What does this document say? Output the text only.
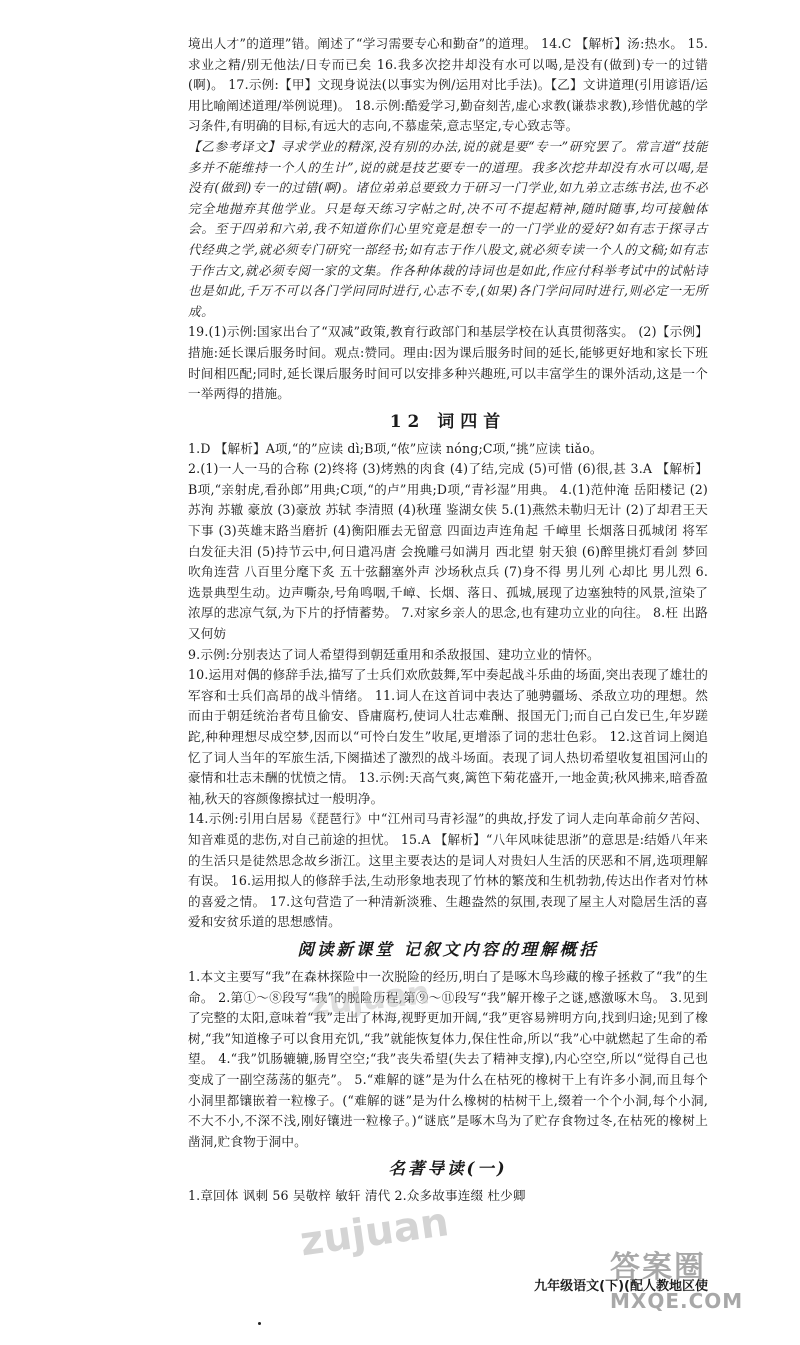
境出人才”的道理”错。阐述了“学习需要专心和勤奋”的道理。 14.C 【解析】汤:热水。 15.求业之精/别无他法/日专而已矣 16.我多次挖井却没有水可以喝,是没有(做到)专一的过错(啊)。 17.示例:【甲】文现身说法(以事实为例/运用对比手法)。【乙】文讲道理(引用谚语/运用比喻阐述道理/举例说理)。 18.示例:酷爱学习,勤奋刻苦,虚心求教(谦恭求教),珍惜优越的学习条件,有明确的目标,有远大的志向,不慕虚荣,意志坚定,专心致志等。

【乙参考译文】寻求学业的精深,没有别的办法,说的就是要“专一”研究罢了。常言道“技能多并不能维持一个人的生计”,说的就是技艺要专一的道理。我多次挖井却没有水可以喝,是没有(做到)专一的过错(啊)。诸位弟弟总要致力于研习一门学业,如九弟立志练书法,也不必完全地抛弃其他学业。只是每天练习字帖之时,决不可不提起精神,随时随事,均可接触体会。至于四弟和六弟,我不知道你们心里究竟是想专一的一门学业的爱好?如有志于探寻古代经典之学,就必须专门研究一部经书;如有志于作八股文,就必须专读一个人的文稿;如有志于作古文,就必须专阅一家的文集。作各种体裁的诗词也是如此,作应付科举考试中的试帖诗也是如此,千万不可以各门学问同时进行,心志不专,(如果)各门学问同时进行,则必定一无所成。

19.(1)示例:国家出台了“双减”政策,教育行政部门和基层学校在认真贯彻落实。 (2)【示例】措施:延长课后服务时间。观点:赞同。理由:因为课后服务时间的延长,能够更好地和家长下班时间相匹配;同时,延长课后服务时间可以安排多种兴趣班,可以丰富学生的课外活动,这是一个一举两得的措施。

12 词四首

1.D 【解析】A项,“的”应读 dì;B项,“侬”应读 nóng;C项,“挑”应读 tiǎo。

2.(1)一人一马的合称 (2)终将 (3)烤熟的肉食 (4)了结,完成 (5)可惜 (6)很,甚 3.A 【解析】B项,“亲射虎,看孙郎”用典;C项,“的卢”用典;D项,“青衫湿”用典。 4.(1)范仲淹 岳阳楼记 (2)苏洵 苏辙 豪放 (3)豪放 苏轼 李清照 (4)秋瑾 鉴湖女侠 5.(1)燕然未勒归无计 (2)了却君王天下事 (3)英雄末路当磨折 (4)衡阳雁去无留意 四面边声连角起 千嶂里 长烟落日孤城闭 将军白发征夫泪 (5)持节云中,何日遣冯唐 会挽雕弓如满月 西北望 射天狼 (6)醉里挑灯看剑 梦回吹角连营 八百里分麾下炙 五十弦翻塞外声 沙场秋点兵 (7)身不得 男儿列 心却比 男儿烈 6.选景典型生动。边声嘶杂,号角鸣咽,千嶂、长烟、落日、孤城,展现了边塞独特的风景,渲染了浓厚的悲凉气氛,为下片的抒情蓄势。 7.对家乡亲人的思念,也有建功立业的向往。 8.枉 出路 又何妨

9.示例:分别表达了词人希望得到朝廷重用和杀敌报国、建功立业的情怀。

10.运用对偶的修辞手法,描写了士兵们欢欣鼓舞,军中奏起战斗乐曲的场面,突出表现了雄壮的军容和士兵们高昂的战斗情绪。 11.词人在这首词中表达了驰骋疆场、杀敌立功的理想。然而由于朝廷统治者苟且偷安、昏庸腐朽,使词人壮志难酬、报国无门;而自己白发已生,年岁蹉跎,种种理想尽成空梦,因而以“可怜白发生”收尾,更增添了词的悲壮色彩。 12.这首词上阕追忆了词人当年的军旅生活,下阕描述了激烈的战斗场面。表现了词人热切希望收复祖国河山的豪情和壮志未酬的忧愤之情。 13.示例:天高气爽,篱笆下菊花盛开,一地金黄;秋风拂来,暗香盈袖,秋天的容颜像擦拭过一般明净。

14.示例:引用白居易《琵琶行》中“江州司马青衫湿”的典故,抒发了词人走向革命前夕苦闷、知音难觅的悲伤,对自己前途的担忧。 15.A 【解析】“八年风味徒思浙”的意思是:结婚八年来的生活只是徒然思念故乡浙江。这里主要表达的是词人对贵妇人生活的厌恶和不屑,选项理解有误。 16.运用拟人的修辞手法,生动形象地表现了竹林的繁茂和生机勃勃,传达出作者对竹林的喜爱之情。 17.这句营造了一种清新淡雅、生趣盎然的氛围,表现了屋主人对隐居生活的喜爱和安贫乐道的思想感情。

阅读新课堂 记叙文内容的理解概括

1.本文主要写“我”在森林探险中一次脱险的经历,明白了是啄木鸟珍藏的橡子拯救了“我”的生命。 2.第①～⑧段写“我”的脱险历程,第⑨～⑪段写“我”解开橡子之谜,感激啄木鸟。 3.见到了完整的太阳,意味着“我”走出了林海,视野更加开阔,“我”更容易辨明方向,找到归途;见到了橡树,“我”知道橡子可以食用充饥,“我”就能恢复体力,保住性命,所以“我”心中就燃起了生命的希望。 4.“我”饥肠辘辘,肠胃空空;“我”丧失希望(失去了精神支撑),内心空空,所以“觉得自己也变成了一副空荡荡的躯壳”。 5.“难解的谜”是为什么在枯死的橡树干上有许多小洞,而且每个小洞里都镶嵌着一粒橡子。(“难解的谜”是为什么橡树的枯树干上,缀着一个个小洞,每个小洞,不大不小,不深不浅,刚好镶进一粒橡子。)“谜底”是啄木鸟为了贮存食物过冬,在枯死的橡树上凿洞,贮食物于洞中。

名著导读(一)

1.章回体 讽刺 56 吴敬梓 敏轩 清代 2.众多故事连缀 杜少卿

九年级语文(下)(配人教地区使
zujuan
zujuan
答案圈
MXQE.COM
